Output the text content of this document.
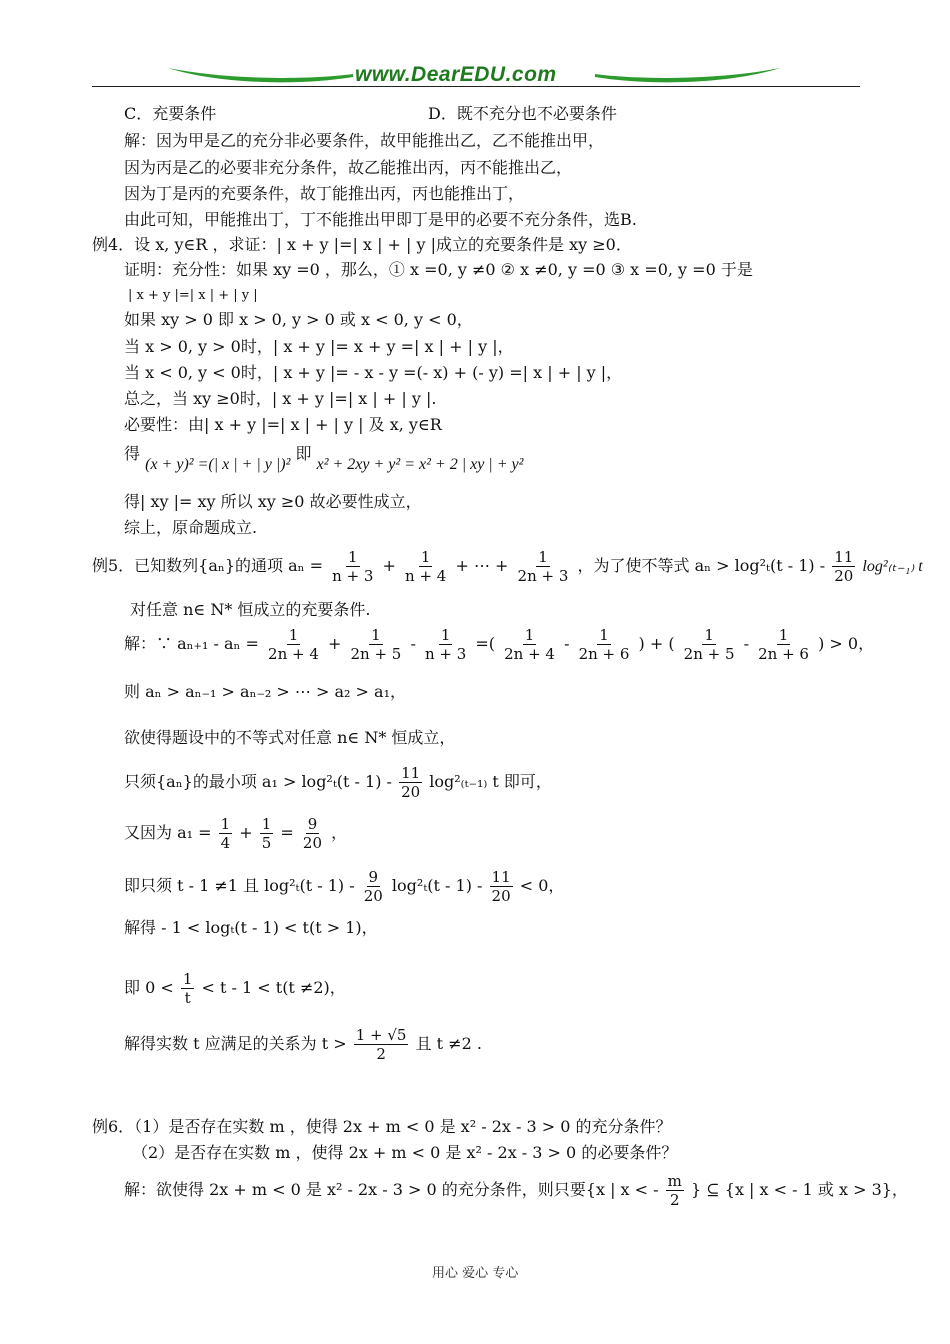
www.DearEDU.com
C．充要条件	D．既不充分也不必要条件
解：因为甲是乙的充分非必要条件，故甲能推出乙，乙不能推出甲，
因为丙是乙的必要非充分条件，故乙能推出丙，丙不能推出乙，
因为丁是丙的充要条件，故丁能推出丙，丙也能推出丁，
由此可知，甲能推出丁，丁不能推出甲即丁是甲的必要不充分条件，选B.
例4．设 x, y∈R ，求证：| x + y |=| x | + | y |成立的充要条件是 xy ≥0．
证明：充分性：如果 xy =0 ，那么，① x =0, y ≠0 ② x ≠0, y =0 ③ x =0, y =0 于是
| x + y |=| x | + | y |
如果 xy > 0 即 x > 0, y > 0 或 x < 0, y < 0，
当 x > 0, y > 0时，| x + y |= x + y =| x | + | y |，
当 x < 0, y < 0时，| x + y |= - x - y =(- x) + (- y) =| x | + | y |，
总之，当 xy ≥0时，| x + y |=| x | + | y |.
必要性：由| x + y |=| x | + | y | 及 x, y∈R
得 (x + y)² =(| x | + | y |)² 即 x² + 2xy + y² = x² + 2 | xy | + y²
得| xy |= xy 所以 xy ≥0 故必要性成立，
综上，原命题成立.
例5．已知数列{aₙ}的通项 $a_n = \frac{1}{n + 3} + \frac{1}{n + 4}$ + ⋯ + $\frac{1}{2n + 3}$ ，为了使不等式 $a_n > \log^2_t(t - 1) - \frac{11}{20} \log^2_{(t-1)}$ t
对任意 n∈ N* 恒成立的充要条件.
解：∵ $a_{n+1} - a_n = \frac{1}{2n + 4} + \frac{1}{2n + 5} - \frac{1}{n + 3}$ =( $\frac{1}{2n + 4} - \frac{1}{2n + 6}$ ) + ( $\frac{1}{2n + 5} - \frac{1}{2n + 6}$ ) > 0，
则 aₙ > aₙ₋₁ > aₙ₋₂ > ⋯ > a₂ > a₁，
欲使得题设中的不等式对任意 n∈ N* 恒成立，
只须{aₙ}的最小项 $a_1 > \log^2_t(t - 1) - \frac{11}{20} \log^2_{(t-1)}$ t 即可，
又因为 $a_1 = \frac{1}{4} + \frac{1}{5} = \frac{9}{20}$ ，
即只须 t - 1 ≠1 且 $\log^2_t(t - 1) - \frac{9}{20} \log^2_t(t - 1) - \frac{11}{20} < 0$，
解得 - 1 < logₜ(t - 1) < t(t > 1)，
即 $0 < \frac{1}{t} < t - 1 < t(t \ne 2)$，
解得实数 t 应满足的关系为 $t > \frac{1 + √5}{2}$ 且 t ≠2 .
例6．（1）是否存在实数 m ，使得 2x + m < 0 是 x² - 2x - 3 > 0 的充分条件？
（2）是否存在实数 m ，使得 2x + m < 0 是 x² - 2x - 3 > 0 的必要条件？
解：欲使得 2x + m < 0 是 x² - 2x - 3 > 0 的充分条件，则只要{x | x < - $\frac{m}{2}$ } ⊆ {x | x < - 1 或 x > 3}，
用心 爱心 专心
